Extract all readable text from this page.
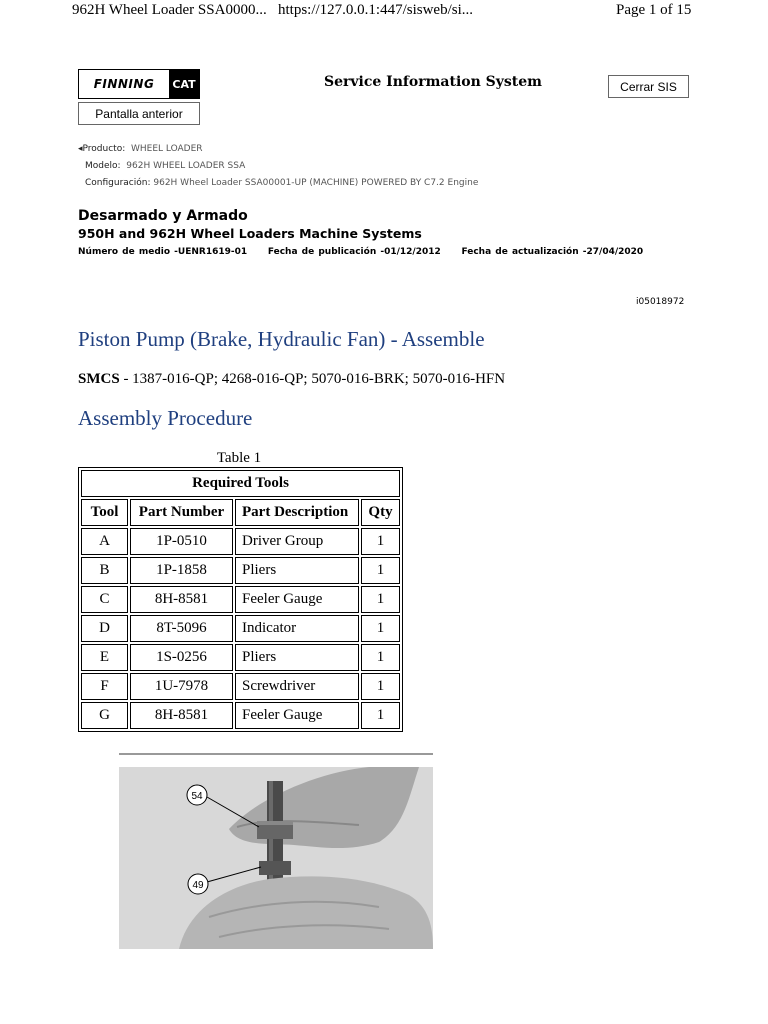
962H Wheel Loader SSA0000... https://127.0.0.1:447/sisweb/si...	Page 1 of 15
FINNING	CAT
Pantalla anterior
Service Information System	Cerrar SIS
◂Producto: WHEEL LOADER
Modelo: 962H WHEEL LOADER SSA
Configuración: 962H Wheel Loader SSA00001-UP (MACHINE) POWERED BY C7.2 Engine
Desarmado y Armado
950H and 962H Wheel Loaders Machine Systems
Número de medio -UENR1619-01 Fecha de publicación -01/12/2012 Fecha de actualización -27/04/2020
i05018972
Piston Pump (Brake, Hydraulic Fan) - Assemble
SMCS - 1387-016-QP; 4268-016-QP; 5070-016-BRK; 5070-016-HFN
Assembly Procedure
Table 1
Required Tools			
Tool	Part Number	Part Description	Qty
A	1P-0510	Driver Group	1
B	1P-1858	Pliers	1
C	8H-8581	Feeler Gauge	1
D	8T-5096	Indicator	1
E	1S-0256	Pliers	1
F	1U-7978	Screwdriver	1
G	8H-8581	Feeler Gauge	1
54
49
